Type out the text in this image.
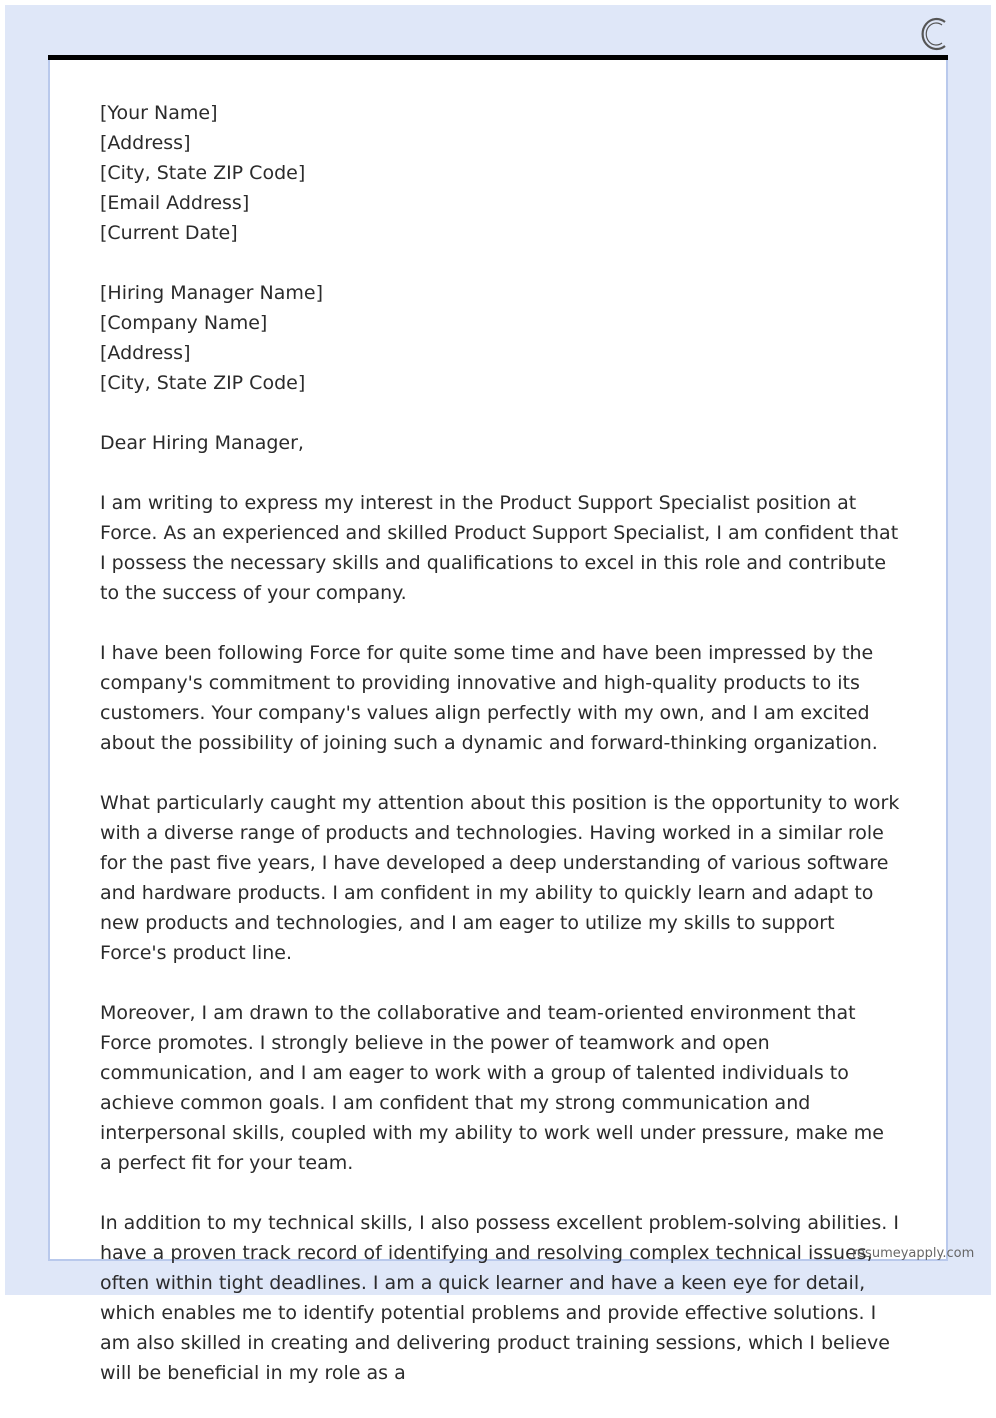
[Your Name]
[Address]
[City, State ZIP Code]
[Email Address]
[Current Date]

[Hiring Manager Name]
[Company Name]
[Address]
[City, State ZIP Code]

Dear Hiring Manager,

I am writing to express my interest in the Product Support Specialist position at Force. As an experienced and skilled Product Support Specialist, I am confident that I possess the necessary skills and qualifications to excel in this role and contribute to the success of your company.

I have been following Force for quite some time and have been impressed by the company's commitment to providing innovative and high-quality products to its customers. Your company's values align perfectly with my own, and I am excited about the possibility of joining such a dynamic and forward-thinking organization.

What particularly caught my attention about this position is the opportunity to work with a diverse range of products and technologies. Having worked in a similar role for the past five years, I have developed a deep understanding of various software and hardware products. I am confident in my ability to quickly learn and adapt to new products and technologies, and I am eager to utilize my skills to support Force's product line.

Moreover, I am drawn to the collaborative and team-oriented environment that Force promotes. I strongly believe in the power of teamwork and open communication, and I am eager to work with a group of talented individuals to achieve common goals. I am confident that my strong communication and interpersonal skills, coupled with my ability to work well under pressure, make me a perfect fit for your team.

In addition to my technical skills, I also possess excellent problem-solving abilities. I have a proven track record of identifying and resolving complex technical issues, often within tight deadlines. I am a quick learner and have a keen eye for detail, which enables me to identify potential problems and provide effective solutions. I am also skilled in creating and delivering product training sessions, which I believe will be beneficial in my role as a

resumeyapply.com
